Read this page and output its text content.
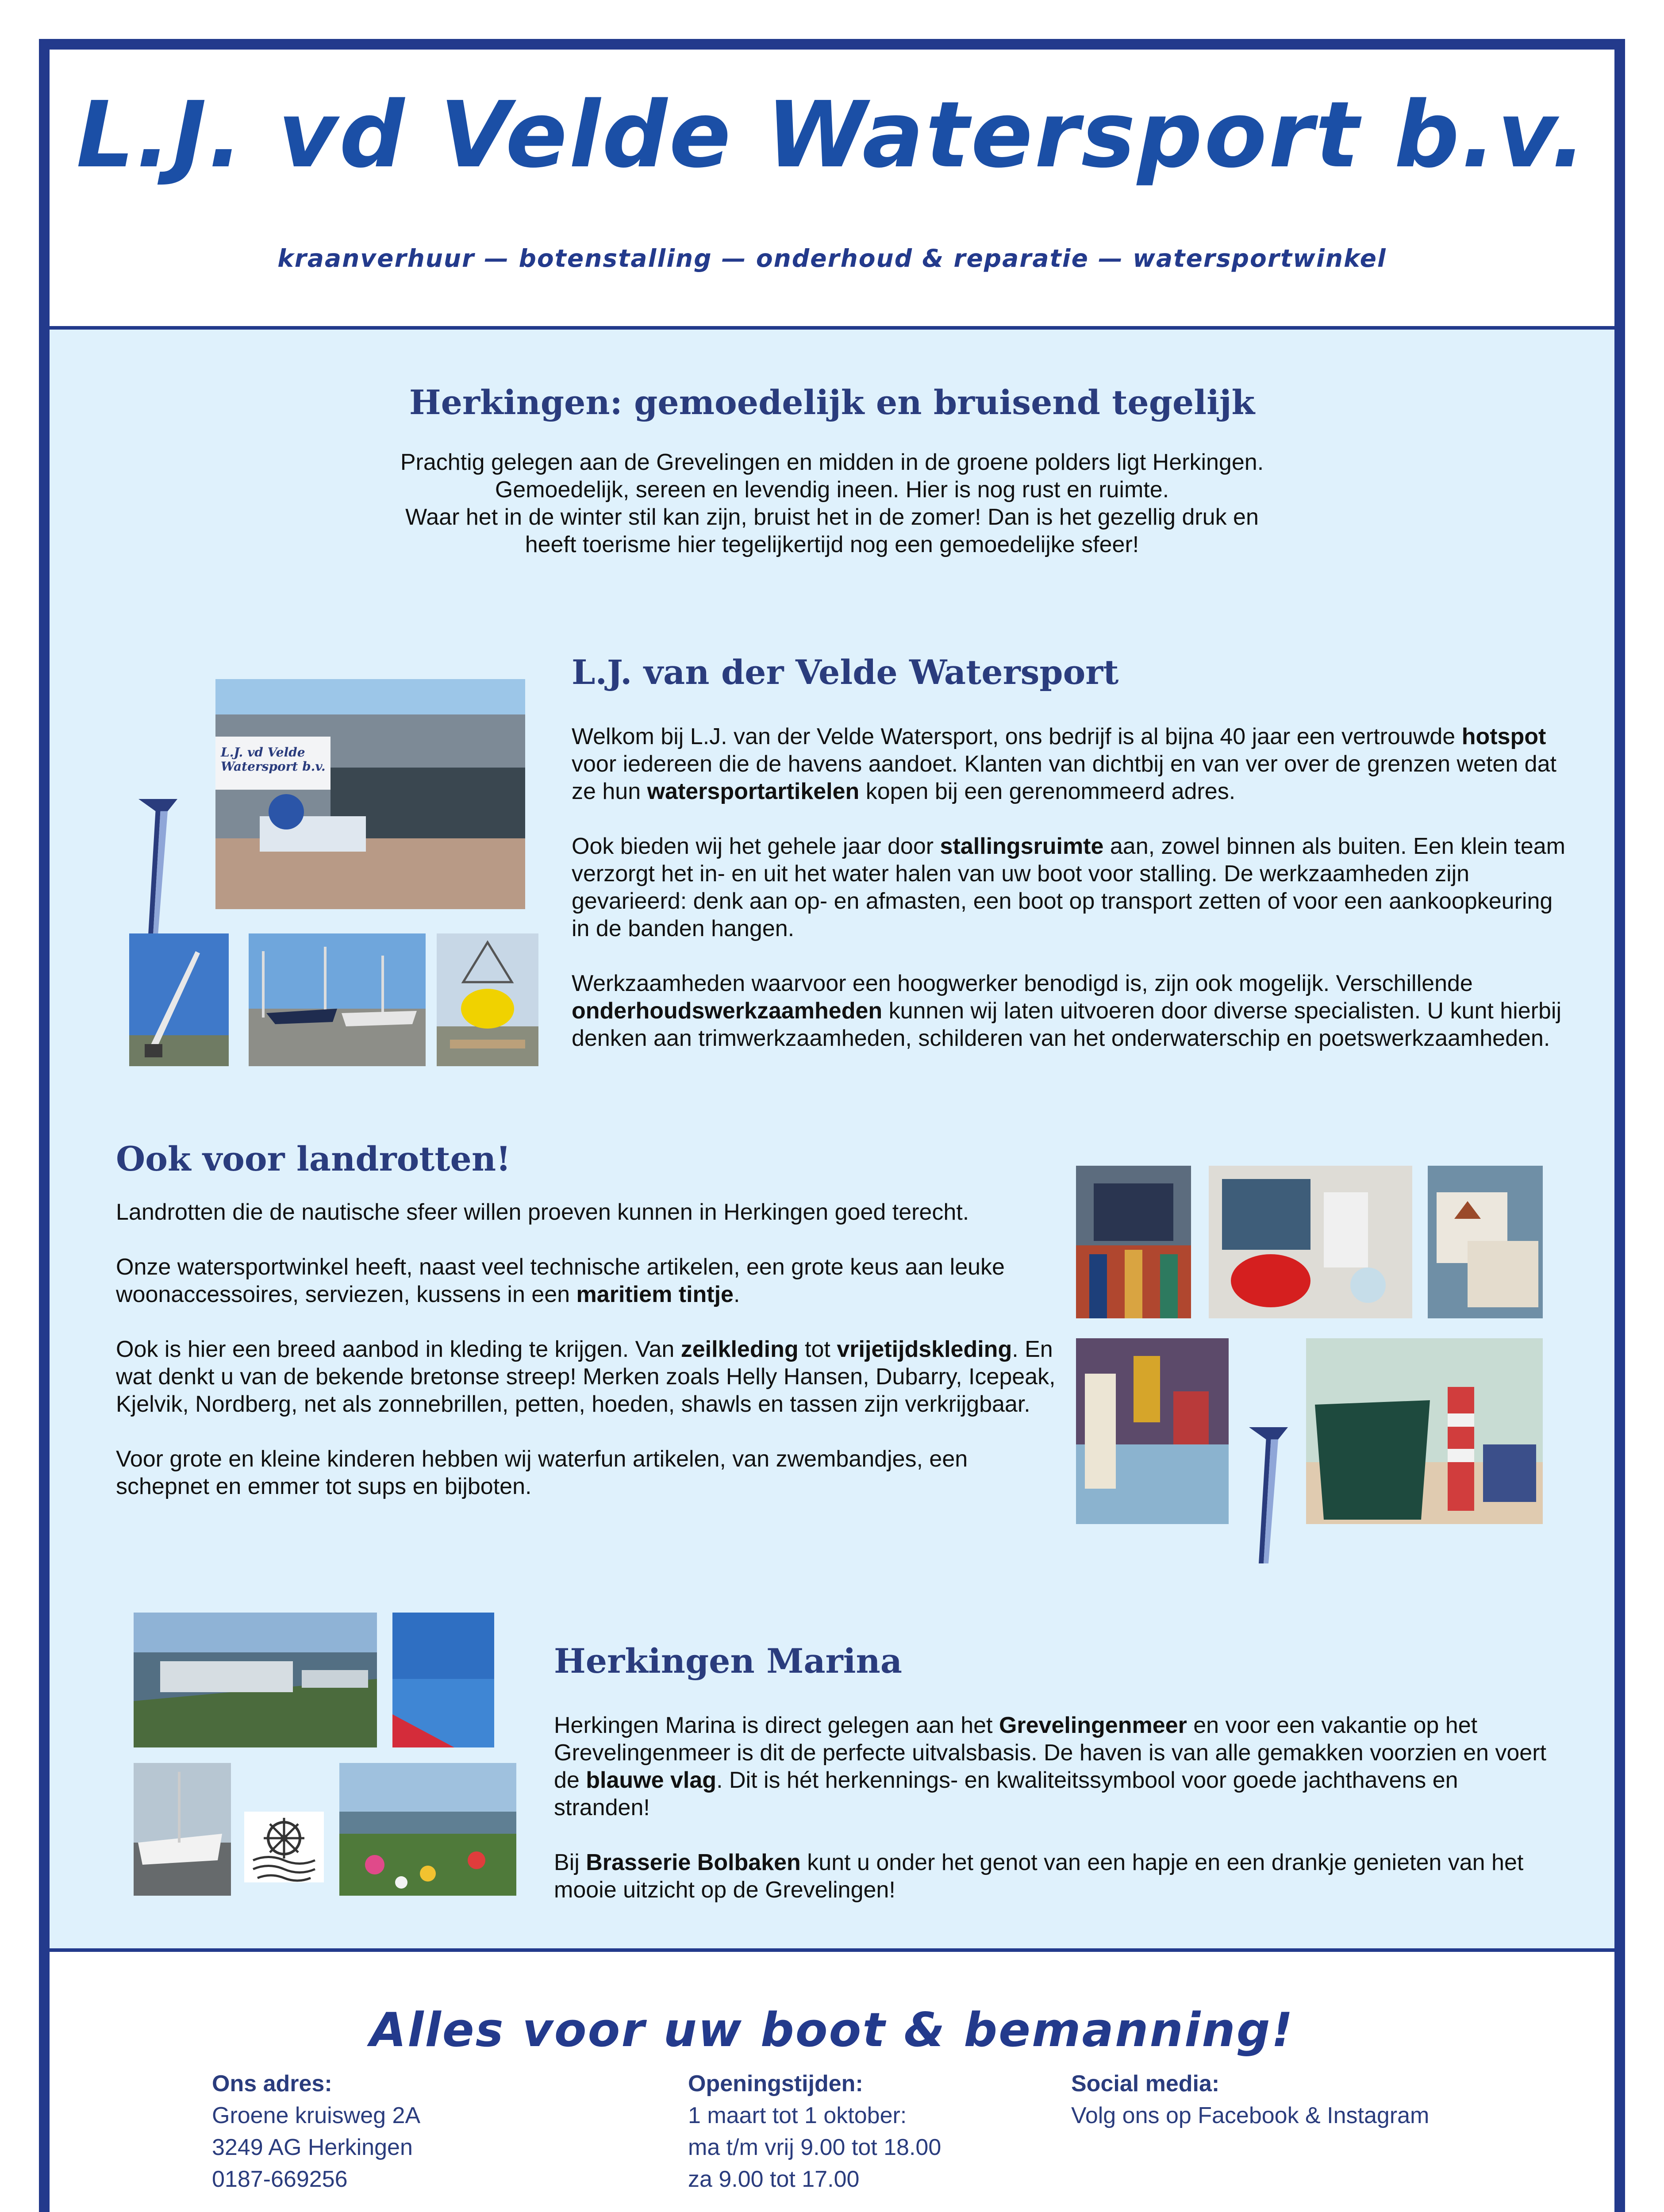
L.J. vd Velde Watersport b.v.
kraanverhuur — botenstalling — onderhoud & reparatie — watersportwinkel
Herkingen: gemoedelijk en bruisend tegelijk

Prachtig gelegen aan de Grevelingen en midden in de groene polders ligt Herkingen.

Gemoedelijk, sereen en levendig ineen. Hier is nog rust en ruimte.

Waar het in de winter stil kan zijn, bruist het in de zomer! Dan is het gezellig druk en

heeft toerisme hier tegelijkertijd nog een gemoedelijke sfeer!

L.J. van der Velde Watersport

Welkom bij L.J. van der Velde Watersport, ons bedrijf is al bijna 40 jaar een vertrouwde hotspot voor iedereen die de havens aandoet. Klanten van dichtbij en van ver over de grenzen weten dat ze hun watersportartikelen kopen bij een gerenommeerd adres.

Ook bieden wij het gehele jaar door stallingsruimte aan, zowel binnen als buiten. Een klein team verzorgt het in- en uit het water halen van uw boot voor stalling. De werkzaamheden zijn gevarieerd: denk aan op- en afmasten, een boot op transport zetten of voor een aankoopkeuring in de banden hangen.

Werkzaamheden waarvoor een hoogwerker benodigd is, zijn ook mogelijk. Verschillende onderhoudswerkzaamheden kunnen wij laten uitvoeren door diverse specialisten. U kunt hierbij denken aan trimwerkzaamheden, schilderen van het onderwaterschip en poetswerkzaamheden.

L.J. vd Velde Watersport b.v.
Ook voor landrotten!

Landrotten die de nautische sfeer willen proeven kunnen in Herkingen goed terecht.

Onze watersportwinkel heeft, naast veel technische artikelen, een grote keus aan leuke woonaccessoires, serviezen, kussens in een maritiem tintje.

Ook is hier een breed aanbod in kleding te krijgen. Van zeilkleding tot vrijetijdskleding. En wat denkt u van de bekende bretonse streep! Merken zoals Helly Hansen, Dubarry, Icepeak, Kjelvik, Nordberg, net als zonnebrillen, petten, hoeden, shawls en tassen zijn verkrijgbaar.

Voor grote en kleine kinderen hebben wij waterfun artikelen, van zwembandjes, een schepnet en emmer tot sups en bijboten.

Herkingen Marina

Herkingen Marina is direct gelegen aan het Grevelingenmeer en voor een vakantie op het Grevelingenmeer is dit de perfecte uitvalsbasis. De haven is van alle gemakken voorzien en voert de blauwe vlag. Dit is hét herkennings- en kwaliteitssymbool voor goede jachthavens en stranden!

Bij Brasserie Bolbaken kunt u onder het genot van een hapje en een drankje genieten van het mooie uitzicht op de Grevelingen!

Alles voor uw boot & bemanning!
Ons adres:
Groene kruisweg 2A
3249 AG Herkingen
0187-669256
Openingstijden:
1 maart tot 1 oktober:
ma t/m vrij 9.00 tot 18.00
za 9.00 tot 17.00
Social media:
Volg ons op Facebook & Instagram
